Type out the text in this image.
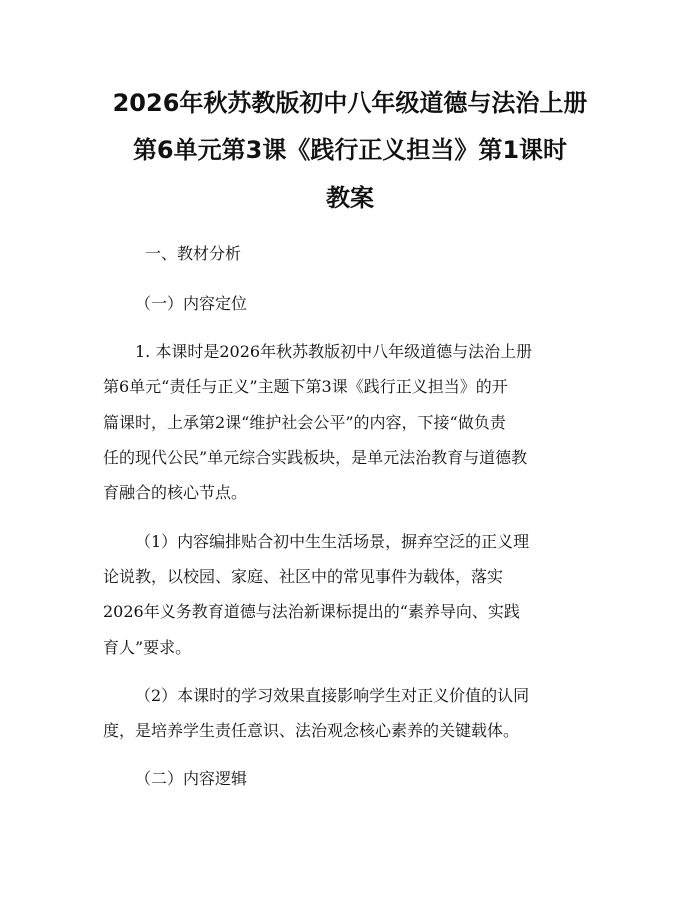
2026年秋苏教版初中八年级道德与法治上册
第6单元第3课《践行正义担当》第1课时
教案
一、教材分析
（一）内容定位
1. 本课时是2026年秋苏教版初中八年级道德与法治上册
第6单元“责任与正义”主题下第3课《践行正义担当》的开
篇课时，上承第2课“维护社会公平”的内容，下接“做负责
任的现代公民”单元综合实践板块，是单元法治教育与道德教
育融合的核心节点。
（1）内容编排贴合初中生生活场景，摒弃空泛的正义理
论说教，以校园、家庭、社区中的常见事件为载体，落实
2026年义务教育道德与法治新课标提出的“素养导向、实践
育人”要求。
（2）本课时的学习效果直接影响学生对正义价值的认同
度，是培养学生责任意识、法治观念核心素养的关键载体。
（二）内容逻辑
